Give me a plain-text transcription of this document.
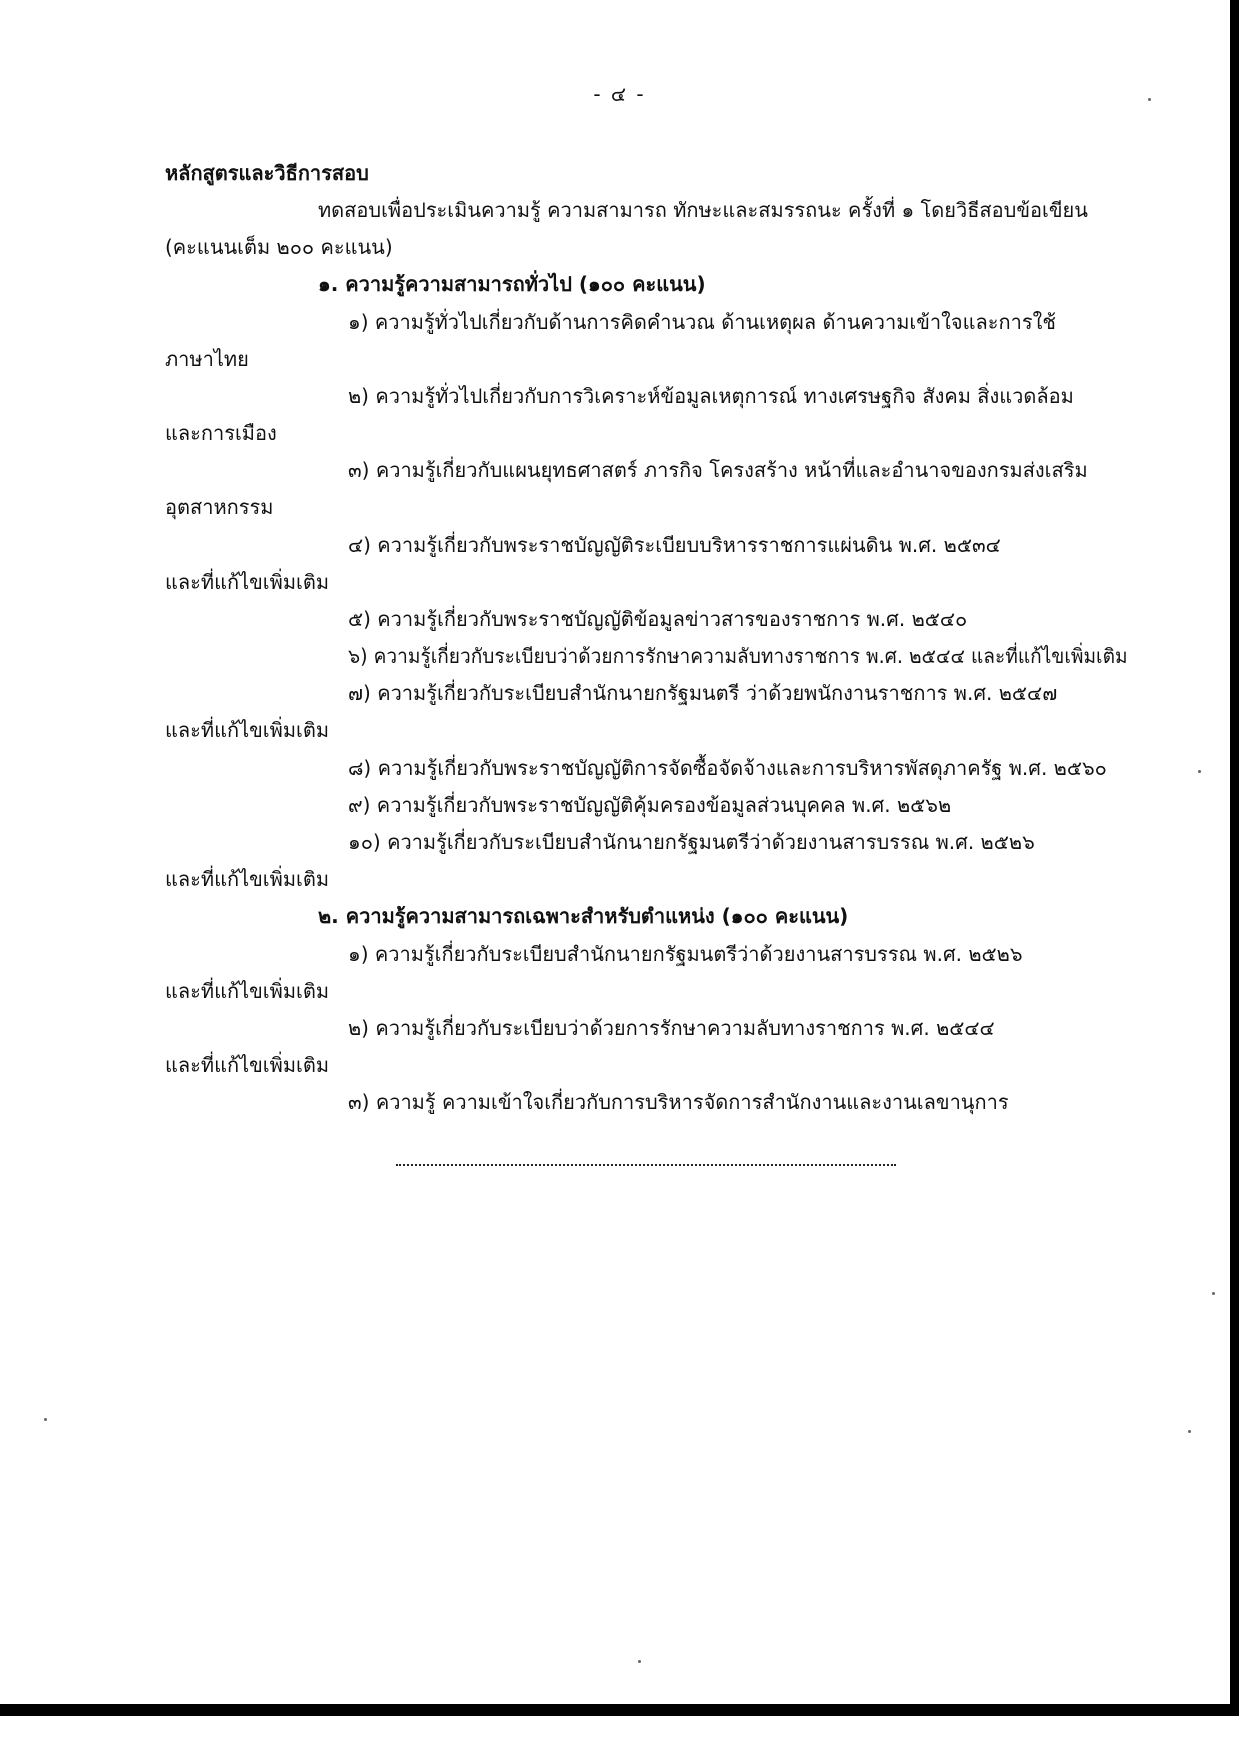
- ๔ -
หลักสูตรและวิธีการสอบ
ทดสอบเพื่อประเมินความรู้ ความสามารถ ทักษะและสมรรถนะ ครั้งที่ ๑ โดยวิธีสอบข้อเขียน
(คะแนนเต็ม ๒๐๐ คะแนน)
๑. ความรู้ความสามารถทั่วไป (๑๐๐ คะแนน)
๑) ความรู้ทั่วไปเกี่ยวกับด้านการคิดคำนวณ ด้านเหตุผล ด้านความเข้าใจและการใช้
ภาษาไทย
๒) ความรู้ทั่วไปเกี่ยวกับการวิเคราะห์ข้อมูลเหตุการณ์ ทางเศรษฐกิจ สังคม สิ่งแวดล้อม
และการเมือง
๓) ความรู้เกี่ยวกับแผนยุทธศาสตร์ ภารกิจ โครงสร้าง หน้าที่และอำนาจของกรมส่งเสริม
อุตสาหกรรม
๔) ความรู้เกี่ยวกับพระราชบัญญัติระเบียบบริหารราชการแผ่นดิน พ.ศ. ๒๕๓๔
และที่แก้ไขเพิ่มเติม
๕) ความรู้เกี่ยวกับพระราชบัญญัติข้อมูลข่าวสารของราชการ พ.ศ. ๒๕๔๐
๖) ความรู้เกี่ยวกับระเบียบว่าด้วยการรักษาความลับทางราชการ พ.ศ. ๒๕๔๔ และที่แก้ไขเพิ่มเติม
๗) ความรู้เกี่ยวกับระเบียบสำนักนายกรัฐมนตรี ว่าด้วยพนักงานราชการ พ.ศ. ๒๕๔๗
และที่แก้ไขเพิ่มเติม
๘) ความรู้เกี่ยวกับพระราชบัญญัติการจัดซื้อจัดจ้างและการบริหารพัสดุภาครัฐ พ.ศ. ๒๕๖๐
๙) ความรู้เกี่ยวกับพระราชบัญญัติคุ้มครองข้อมูลส่วนบุคคล พ.ศ. ๒๕๖๒
๑๐) ความรู้เกี่ยวกับระเบียบสำนักนายกรัฐมนตรีว่าด้วยงานสารบรรณ พ.ศ. ๒๕๒๖
และที่แก้ไขเพิ่มเติม
๒. ความรู้ความสามารถเฉพาะสำหรับตำแหน่ง (๑๐๐ คะแนน)
๑) ความรู้เกี่ยวกับระเบียบสำนักนายกรัฐมนตรีว่าด้วยงานสารบรรณ พ.ศ. ๒๕๒๖
และที่แก้ไขเพิ่มเติม
๒) ความรู้เกี่ยวกับระเบียบว่าด้วยการรักษาความลับทางราชการ พ.ศ. ๒๕๔๔
และที่แก้ไขเพิ่มเติม
๓) ความรู้ ความเข้าใจเกี่ยวกับการบริหารจัดการสำนักงานและงานเลขานุการ
